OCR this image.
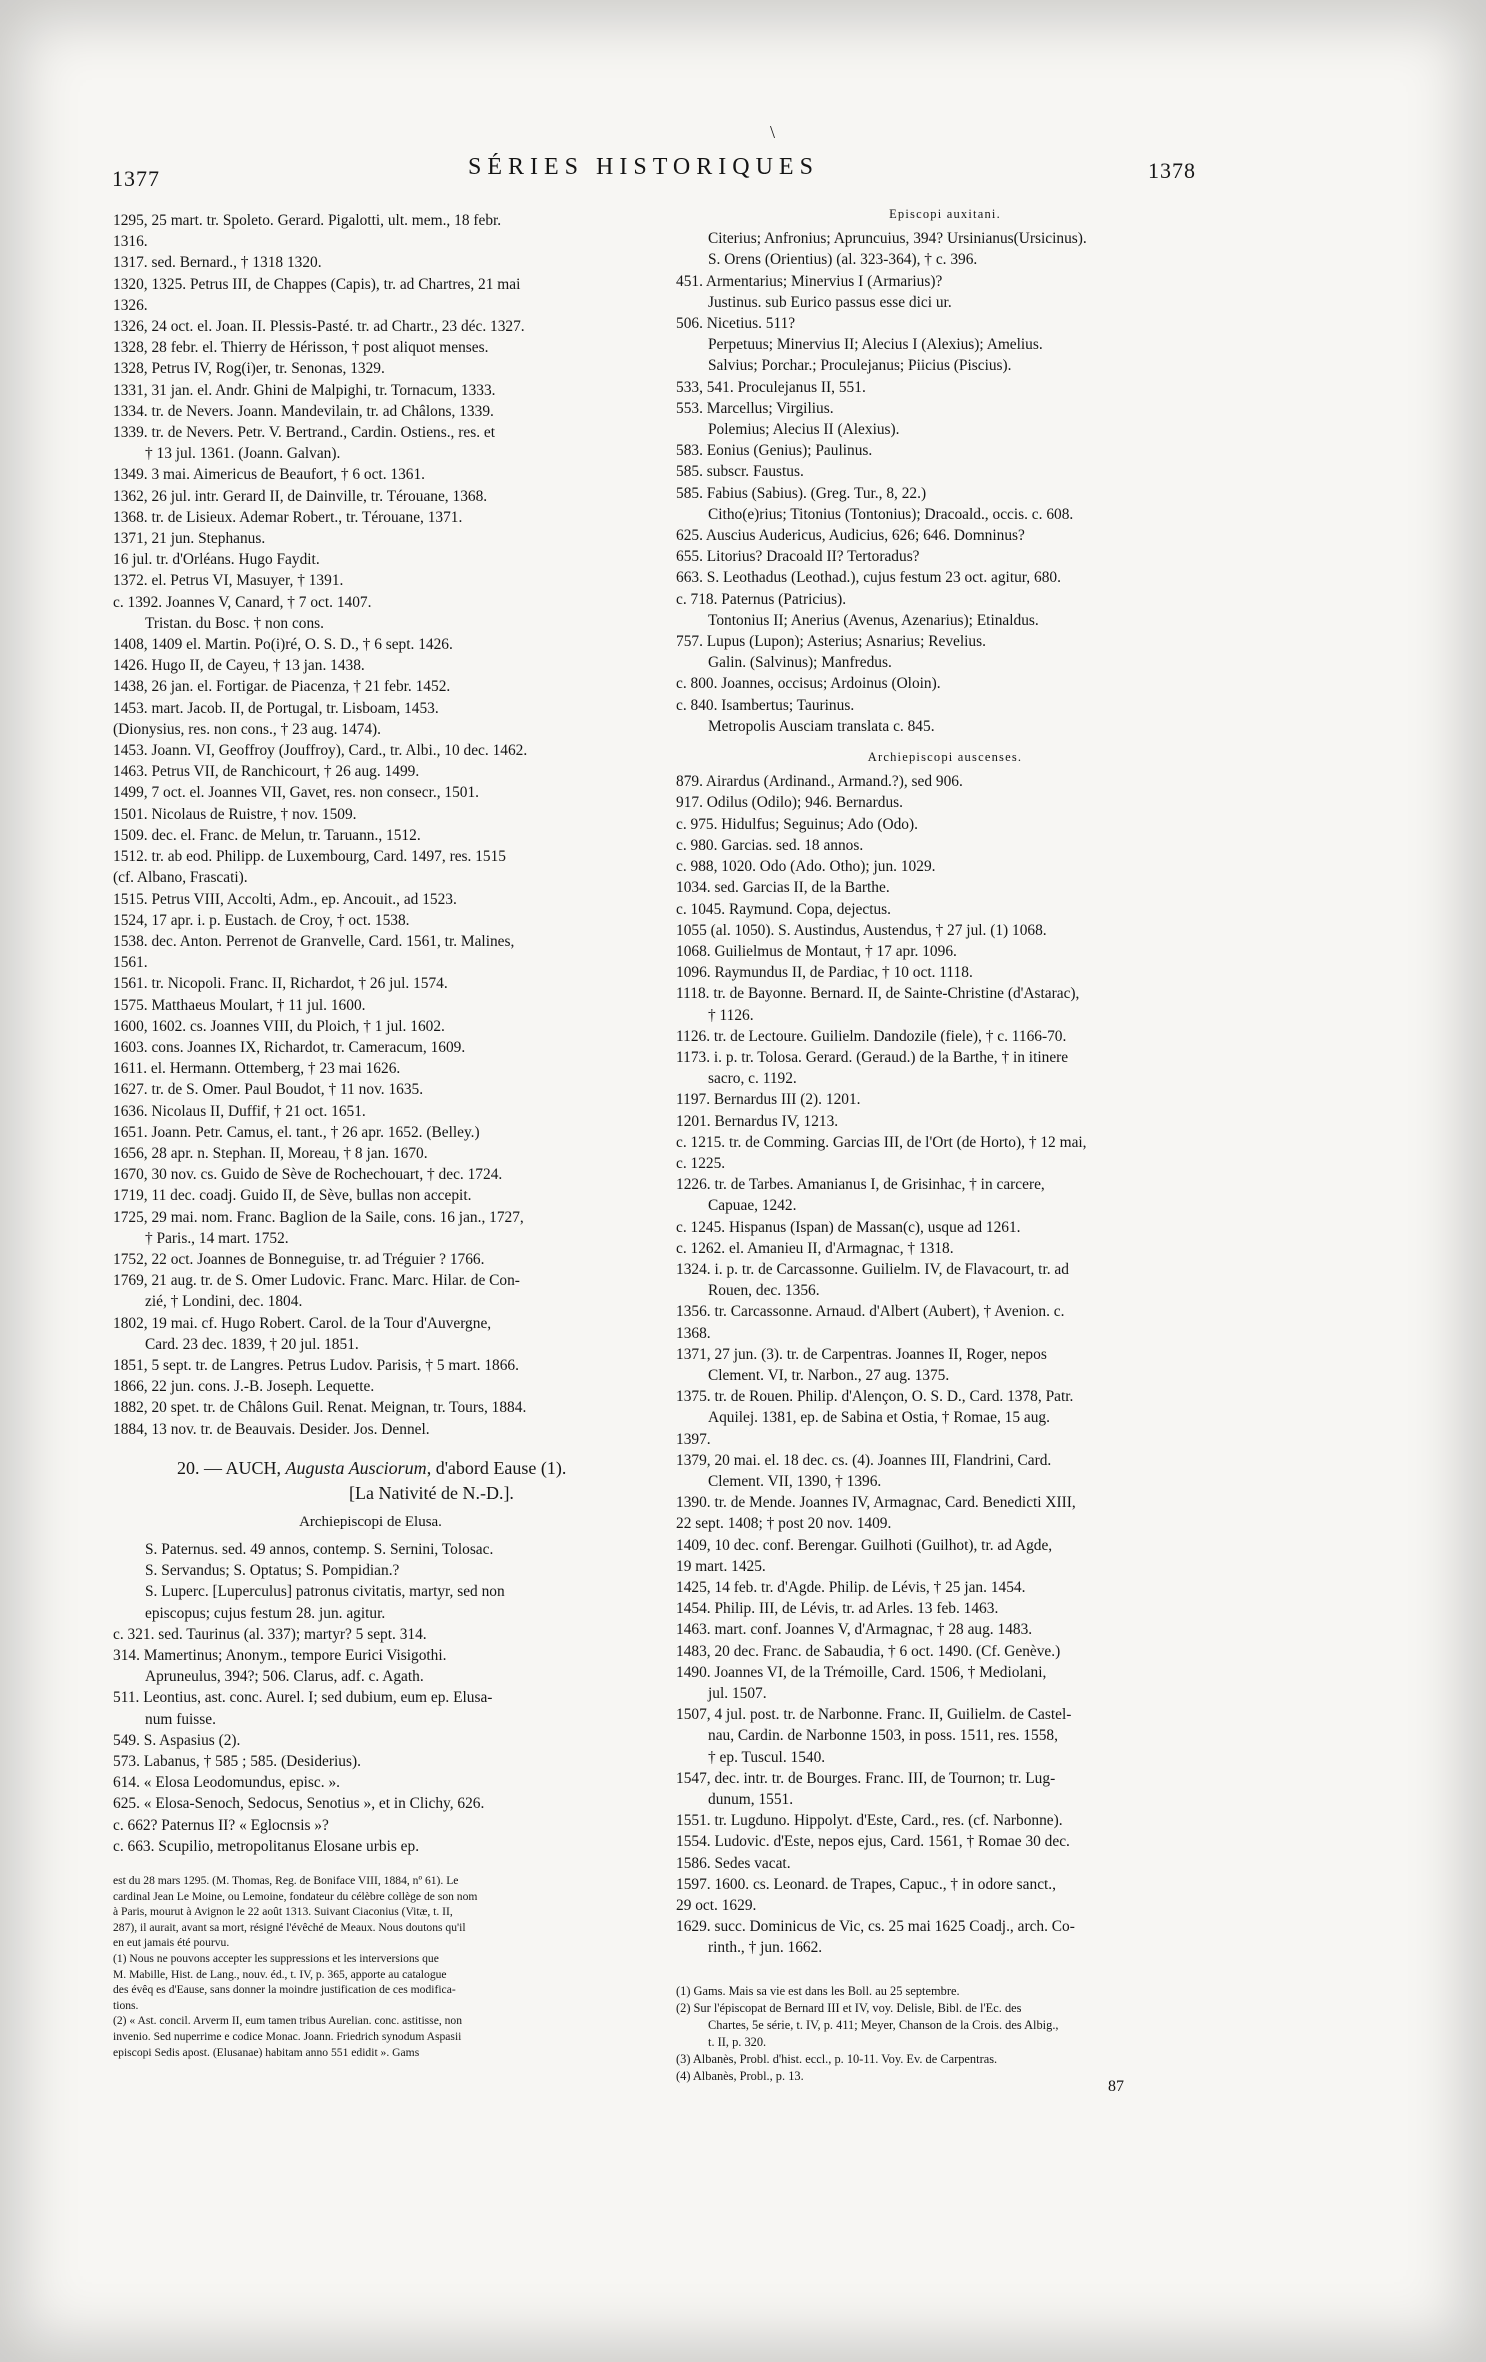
\
1377	SÉRIES HISTORIQUES	1378
1295, 25 mart. tr. Spoleto. Gerard. Pigalotti, ult. mem., 18 febr.
1316.
1317. sed. Bernard., † 1318 1320.
1320, 1325. Petrus III, de Chappes (Capis), tr. ad Chartres, 21 mai
1326.
1326, 24 oct. el. Joan. II. Plessis-Pasté. tr. ad Chartr., 23 déc. 1327.
1328, 28 febr. el. Thierry de Hérisson, † post aliquot menses.
1328, Petrus IV, Rog(i)er, tr. Senonas, 1329.
1331, 31 jan. el. Andr. Ghini de Malpighi, tr. Tornacum, 1333.
1334. tr. de Nevers. Joann. Mandevilain, tr. ad Châlons, 1339.
1339. tr. de Nevers. Petr. V. Bertrand., Cardin. Ostiens., res. et
† 13 jul. 1361. (Joann. Galvan).
1349. 3 mai. Aimericus de Beaufort, † 6 oct. 1361.
1362, 26 jul. intr. Gerard II, de Dainville, tr. Térouane, 1368.
1368. tr. de Lisieux. Ademar Robert., tr. Térouane, 1371.
1371, 21 jun. Stephanus.
16 jul. tr. d'Orléans. Hugo Faydit.
1372. el. Petrus VI, Masuyer, † 1391.
c. 1392. Joannes V, Canard, † 7 oct. 1407.
Tristan. du Bosc. † non cons.
1408, 1409 el. Martin. Po(i)ré, O. S. D., † 6 sept. 1426.
1426. Hugo II, de Cayeu, † 13 jan. 1438.
1438, 26 jan. el. Fortigar. de Piacenza, † 21 febr. 1452.
1453. mart. Jacob. II, de Portugal, tr. Lisboam, 1453.
(Dionysius, res. non cons., † 23 aug. 1474).
1453. Joann. VI, Geoffroy (Jouffroy), Card., tr. Albi., 10 dec. 1462.
1463. Petrus VII, de Ranchicourt, † 26 aug. 1499.
1499, 7 oct. el. Joannes VII, Gavet, res. non consecr., 1501.
1501. Nicolaus de Ruistre, † nov. 1509.
1509. dec. el. Franc. de Melun, tr. Taruann., 1512.
1512. tr. ab eod. Philipp. de Luxembourg, Card. 1497, res. 1515
(cf. Albano, Frascati).
1515. Petrus VIII, Accolti, Adm., ep. Ancouit., ad 1523.
1524, 17 apr. i. p. Eustach. de Croy, † oct. 1538.
1538. dec. Anton. Perrenot de Granvelle, Card. 1561, tr. Malines,
1561.
1561. tr. Nicopoli. Franc. II, Richardot, † 26 jul. 1574.
1575. Matthaeus Moulart, † 11 jul. 1600.
1600, 1602. cs. Joannes VIII, du Ploich, † 1 jul. 1602.
1603. cons. Joannes IX, Richardot, tr. Cameracum, 1609.
1611. el. Hermann. Ottemberg, † 23 mai 1626.
1627. tr. de S. Omer. Paul Boudot, † 11 nov. 1635.
1636. Nicolaus II, Duffif, † 21 oct. 1651.
1651. Joann. Petr. Camus, el. tant., † 26 apr. 1652. (Belley.)
1656, 28 apr. n. Stephan. II, Moreau, † 8 jan. 1670.
1670, 30 nov. cs. Guido de Sève de Rochechouart, † dec. 1724.
1719, 11 dec. coadj. Guido II, de Sève, bullas non accepit.
1725, 29 mai. nom. Franc. Baglion de la Saile, cons. 16 jan., 1727,
† Paris., 14 mart. 1752.
1752, 22 oct. Joannes de Bonneguise, tr. ad Tréguier ? 1766.
1769, 21 aug. tr. de S. Omer Ludovic. Franc. Marc. Hilar. de Con-
zié, † Londini, dec. 1804.
1802, 19 mai. cf. Hugo Robert. Carol. de la Tour d'Auvergne,
Card. 23 dec. 1839, † 20 jul. 1851.
1851, 5 sept. tr. de Langres. Petrus Ludov. Parisis, † 5 mart. 1866.
1866, 22 jun. cons. J.-B. Joseph. Lequette.
1882, 20 spet. tr. de Châlons Guil. Renat. Meignan, tr. Tours, 1884.
1884, 13 nov. tr. de Beauvais. Desider. Jos. Dennel.
20. — AUCH, Augusta Ausciorum, d'abord Eause (1).
[La Nativité de N.-D.].
Archiepiscopi de Elusa.
S. Paternus. sed. 49 annos, contemp. S. Sernini, Tolosac.
S. Servandus; S. Optatus; S. Pompidian.?
S. Luperc. [Luperculus] patronus civitatis, martyr, sed non
episcopus; cujus festum 28. jun. agitur.
c. 321. sed. Taurinus (al. 337); martyr? 5 sept. 314.
314. Mamertinus; Anonym., tempore Eurici Visigothi.
Apruneulus, 394?; 506. Clarus, adf. c. Agath.
511. Leontius, ast. conc. Aurel. I; sed dubium, eum ep. Elusa-
num fuisse.
549. S. Aspasius (2).
573. Labanus, † 585 ; 585. (Desiderius).
614. « Elosa Leodomundus, episc. ».
625. « Elosa-Senoch, Sedocus, Senotius », et in Clichy, 626.
c. 662? Paternus II? « Eglocnsis »?
c. 663. Scupilio, metropolitanus Elosane urbis ep.
est du 28 mars 1295. (M. Thomas, Reg. de Boniface VIII, 1884, nº 61). Le
cardinal Jean Le Moine, ou Lemoine, fondateur du célèbre collège de son nom
à Paris, mourut à Avignon le 22 août 1313. Suivant Ciaconius (Vitæ, t. II,
287), il aurait, avant sa mort, résigné l'évêché de Meaux. Nous doutons qu'il
en eut jamais été pourvu.
(1) Nous ne pouvons accepter les suppressions et les interversions que
M. Mabille, Hist. de Lang., nouv. éd., t. IV, p. 365, apporte au catalogue
des évêq es d'Eause, sans donner la moindre justification de ces modifica-
tions.
(2) « Ast. concil. Arverm II, eum tamen tribus Aurelian. conc. astitisse, non
invenio. Sed nuperrime e codice Monac. Joann. Friedrich synodum Aspasii
episcopi Sedis apost. (Elusanae) habitam anno 551 edidit ». Gams
Episcopi auxitani.
Citerius; Anfronius; Apruncuius, 394? Ursinianus(Ursicinus).
S. Orens (Orientius) (al. 323-364), † c. 396.
451. Armentarius; Minervius I (Armarius)?
Justinus. sub Eurico passus esse dici ur.
506. Nicetius. 511?
Perpetuus; Minervius II; Alecius I (Alexius); Amelius.
Salvius; Porchar.; Proculejanus; Piicius (Piscius).
533, 541. Proculejanus II, 551.
553. Marcellus; Virgilius.
Polemius; Alecius II (Alexius).
583. Eonius (Genius); Paulinus.
585. subscr. Faustus.
585. Fabius (Sabius). (Greg. Tur., 8, 22.)
Citho(e)rius; Titonius (Tontonius); Dracoald., occis. c. 608.
625. Auscius Audericus, Audicius, 626; 646. Domninus?
655. Litorius? Dracoald II? Tertoradus?
663. S. Leothadus (Leothad.), cujus festum 23 oct. agitur, 680.
c. 718. Paternus (Patricius).
Tontonius II; Anerius (Avenus, Azenarius); Etinaldus.
757. Lupus (Lupon); Asterius; Asnarius; Revelius.
Galin. (Salvinus); Manfredus.
c. 800. Joannes, occisus; Ardoinus (Oloin).
c. 840. Isambertus; Taurinus.
Metropolis Ausciam translata c. 845.
Archiepiscopi auscenses.
879. Airardus (Ardinand., Armand.?), sed 906.
917. Odilus (Odilo); 946. Bernardus.
c. 975. Hidulfus; Seguinus; Ado (Odo).
c. 980. Garcias. sed. 18 annos.
c. 988, 1020. Odo (Ado. Otho); jun. 1029.
1034. sed. Garcias II, de la Barthe.
c. 1045. Raymund. Copa, dejectus.
1055 (al. 1050). S. Austindus, Austendus, † 27 jul. (1) 1068.
1068. Guilielmus de Montaut, † 17 apr. 1096.
1096. Raymundus II, de Pardiac, † 10 oct. 1118.
1118. tr. de Bayonne. Bernard. II, de Sainte-Christine (d'Astarac),
† 1126.
1126. tr. de Lectoure. Guilielm. Dandozile (fiele), † c. 1166-70.
1173. i. p. tr. Tolosa. Gerard. (Geraud.) de la Barthe, † in itinere
sacro, c. 1192.
1197. Bernardus III (2). 1201.
1201. Bernardus IV, 1213.
c. 1215. tr. de Comming. Garcias III, de l'Ort (de Horto), † 12 mai,
c. 1225.
1226. tr. de Tarbes. Amanianus I, de Grisinhac, † in carcere,
Capuae, 1242.
c. 1245. Hispanus (Ispan) de Massan(c), usque ad 1261.
c. 1262. el. Amanieu II, d'Armagnac, † 1318.
1324. i. p. tr. de Carcassonne. Guilielm. IV, de Flavacourt, tr. ad
Rouen, dec. 1356.
1356. tr. Carcassonne. Arnaud. d'Albert (Aubert), † Avenion. c.
1368.
1371, 27 jun. (3). tr. de Carpentras. Joannes II, Roger, nepos
Clement. VI, tr. Narbon., 27 aug. 1375.
1375. tr. de Rouen. Philip. d'Alençon, O. S. D., Card. 1378, Patr.
Aquilej. 1381, ep. de Sabina et Ostia, † Romae, 15 aug.
1397.
1379, 20 mai. el. 18 dec. cs. (4). Joannes III, Flandrini, Card.
Clement. VII, 1390, † 1396.
1390. tr. de Mende. Joannes IV, Armagnac, Card. Benedicti XIII,
22 sept. 1408; † post 20 nov. 1409.
1409, 10 dec. conf. Berengar. Guilhoti (Guilhot), tr. ad Agde,
19 mart. 1425.
1425, 14 feb. tr. d'Agde. Philip. de Lévis, † 25 jan. 1454.
1454. Philip. III, de Lévis, tr. ad Arles. 13 feb. 1463.
1463. mart. conf. Joannes V, d'Armagnac, † 28 aug. 1483.
1483, 20 dec. Franc. de Sabaudia, † 6 oct. 1490. (Cf. Genève.)
1490. Joannes VI, de la Trémoille, Card. 1506, † Mediolani,
jul. 1507.
1507, 4 jul. post. tr. de Narbonne. Franc. II, Guilielm. de Castel-
nau, Cardin. de Narbonne 1503, in poss. 1511, res. 1558,
† ep. Tuscul. 1540.
1547, dec. intr. tr. de Bourges. Franc. III, de Tournon; tr. Lug-
dunum, 1551.
1551. tr. Lugduno. Hippolyt. d'Este, Card., res. (cf. Narbonne).
1554. Ludovic. d'Este, nepos ejus, Card. 1561, † Romae 30 dec.
1586. Sedes vacat.
1597. 1600. cs. Leonard. de Trapes, Capuc., † in odore sanct.,
29 oct. 1629.
1629. succ. Dominicus de Vic, cs. 25 mai 1625 Coadj., arch. Co-
rinth., † jun. 1662.
(1) Gams. Mais sa vie est dans les Boll. au 25 septembre.
(2) Sur l'épiscopat de Bernard III et IV, voy. Delisle, Bibl. de l'Ec. des
Chartes, 5e série, t. IV, p. 411; Meyer, Chanson de la Crois. des Albig.,
t. II, p. 320.
(3) Albanès, Probl. d'hist. eccl., p. 10-11. Voy. Ev. de Carpentras.
(4) Albanès, Probl., p. 13.
87
